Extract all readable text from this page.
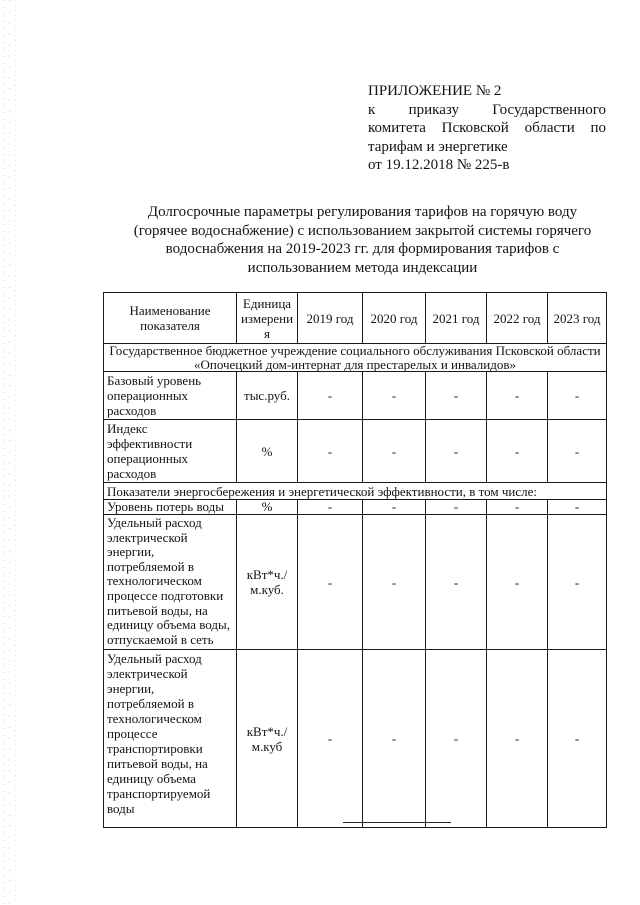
ПРИЛОЖЕНИЕ № 2
к приказу Государственного
комитета Псковской области по
тарифам и энергетике
от 19.12.2018 № 225-в
Долгосрочные параметры регулирования тарифов на горячую воду
(горячее водоснабжение) с использованием закрытой системы горячего
водоснабжения на 2019-2023 гг. для формирования тарифов с
использованием метода индексации
Наименование показателя	Единица измерения	2019 год	2020 год	2021 год	2022 год	2023 год
Государственное бюджетное учреждение социального обслуживания Псковской области
«Опочецкий дом-интернат для престарелых и инвалидов»						
Базовый уровень операционных расходов	тыс.руб.	-	-	-	-	-
Индекс эффективности операционных расходов	%	-	-	-	-	-
Показатели энергосбережения и энергетической эффективности, в том числе:						
Уровень потерь воды	%	-	-	-	-	-
Удельный расход электрической энергии, потребляемой в технологическом процессе подготовки питьевой воды, на единицу объема воды, отпускаемой в сеть	кВт*ч./м.куб.	-	-	-	-	-
Удельный расход электрической энергии, потребляемой в технологическом процессе транспортировки питьевой воды, на единицу объема транспортируемой воды	кВт*ч./м.куб	-	-	-	-	-
